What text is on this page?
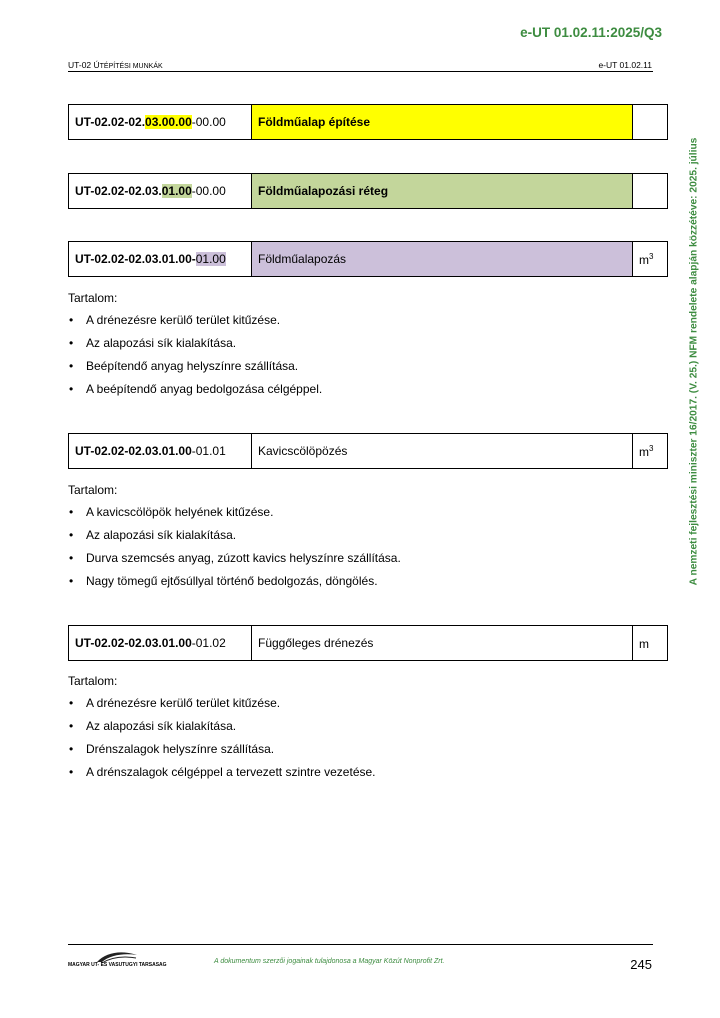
e-UT 01.02.11:2025/Q3
UT-02 ÚTÉPÍTÉSI MUNKÁK	e-UT 01.02.11
A nemzeti fejlesztési miniszter 16/2017. (V. 25.) NFM rendelete alapján közzétéve: 2025. július
UT-02.02-02.03.00.00-00.00	Földműalap építése	
UT-02.02-02.03.01.00-00.00	Földműalapozási réteg	
UT-02.02-02.03.01.00-01.00	Földműalapozás	$m^3$

Tartalom:

• A drénezésre kerülő terület kitűzése.
• Az alapozási sík kialakítása.
• Beépítendő anyag helyszínre szállítása.
• A beépítendő anyag bedolgozása célgéppel.
UT-02.02-02.03.01.00-01.01	Kavicscölöpözés	$m^3$

Tartalom:

• A kavicscölöpök helyének kitűzése.
• Az alapozási sík kialakítása.
• Durva szemcsés anyag, zúzott kavics helyszínre szállítása.
• Nagy tömegű ejtősúllyal történő bedolgozás, döngölés.
UT-02.02-02.03.01.00-01.02	Függőleges drénezés	m

Tartalom:

• A drénezésre kerülő terület kitűzése.
• Az alapozási sík kialakítása.
• Drénszalagok helyszínre szállítása.
• A drénszalagok célgéppel a tervezett szintre vezetése.
MAGYAR UT- ES VASUTUGYI TARSASAG	A dokumentum szerzői jogainak tulajdonosa a Magyar Közút Nonprofit Zrt.	245
